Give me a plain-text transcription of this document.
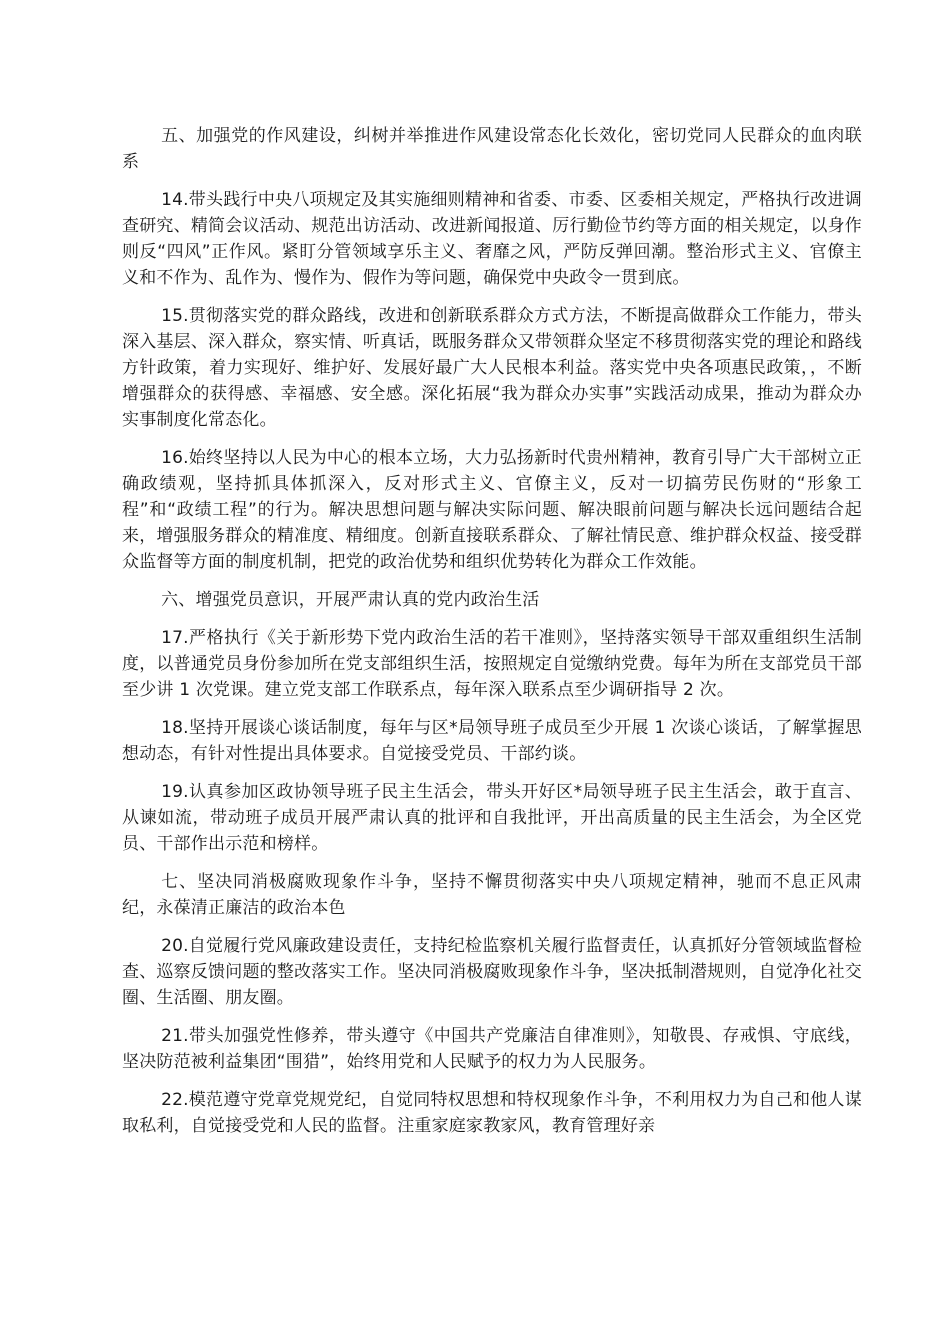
五、加强党的作风建设，纠树并举推进作风建设常态化长效化，密切党同人民群众的血肉联系

14.带头践行中央八项规定及其实施细则精神和省委、市委、区委相关规定，严格执行改进调查研究、精简会议活动、规范出访活动、改进新闻报道、厉行勤俭节约等方面的相关规定，以身作则反“四风”正作风。紧盯分管领域享乐主义、奢靡之风，严防反弹回潮。整治形式主义、官僚主义和不作为、乱作为、慢作为、假作为等问题，确保党中央政令一贯到底。

15.贯彻落实党的群众路线，改进和创新联系群众方式方法，不断提高做群众工作能力，带头深入基层、深入群众，察实情、听真话，既服务群众又带领群众坚定不移贯彻落实党的理论和路线方针政策，着力实现好、维护好、发展好最广大人民根本利益。落实党中央各项惠民政策，，不断增强群众的获得感、幸福感、安全感。深化拓展“我为群众办实事”实践活动成果，推动为群众办实事制度化常态化。

16.始终坚持以人民为中心的根本立场，大力弘扬新时代贵州精神，教育引导广大干部树立正确政绩观，坚持抓具体抓深入，反对形式主义、官僚主义，反对一切搞劳民伤财的“形象工程”和“政绩工程”的行为。解决思想问题与解决实际问题、解决眼前问题与解决长远问题结合起来，增强服务群众的精准度、精细度。创新直接联系群众、了解社情民意、维护群众权益、接受群众监督等方面的制度机制，把党的政治优势和组织优势转化为群众工作效能。

六、增强党员意识，开展严肃认真的党内政治生活

17.严格执行《关于新形势下党内政治生活的若干准则》，坚持落实领导干部双重组织生活制度，以普通党员身份参加所在党支部组织生活，按照规定自觉缴纳党费。每年为所在支部党员干部至少讲 1 次党课。建立党支部工作联系点，每年深入联系点至少调研指导 2 次。

18.坚持开展谈心谈话制度，每年与区*局领导班子成员至少开展 1 次谈心谈话，了解掌握思想动态，有针对性提出具体要求。自觉接受党员、干部约谈。

19.认真参加区政协领导班子民主生活会，带头开好区*局领导班子民主生活会，敢于直言、从谏如流，带动班子成员开展严肃认真的批评和自我批评，开出高质量的民主生活会，为全区党员、干部作出示范和榜样。

七、坚决同消极腐败现象作斗争，坚持不懈贯彻落实中央八项规定精神，驰而不息正风肃纪，永葆清正廉洁的政治本色

20.自觉履行党风廉政建设责任，支持纪检监察机关履行监督责任，认真抓好分管领域监督检查、巡察反馈问题的整改落实工作。坚决同消极腐败现象作斗争，坚决抵制潜规则，自觉净化社交圈、生活圈、朋友圈。

21.带头加强党性修养，带头遵守《中国共产党廉洁自律准则》，知敬畏、存戒惧、守底线，坚决防范被利益集团“围猎”，始终用党和人民赋予的权力为人民服务。

22.模范遵守党章党规党纪，自觉同特权思想和特权现象作斗争，不利用权力为自己和他人谋取私利，自觉接受党和人民的监督。注重家庭家教家风，教育管理好亲
